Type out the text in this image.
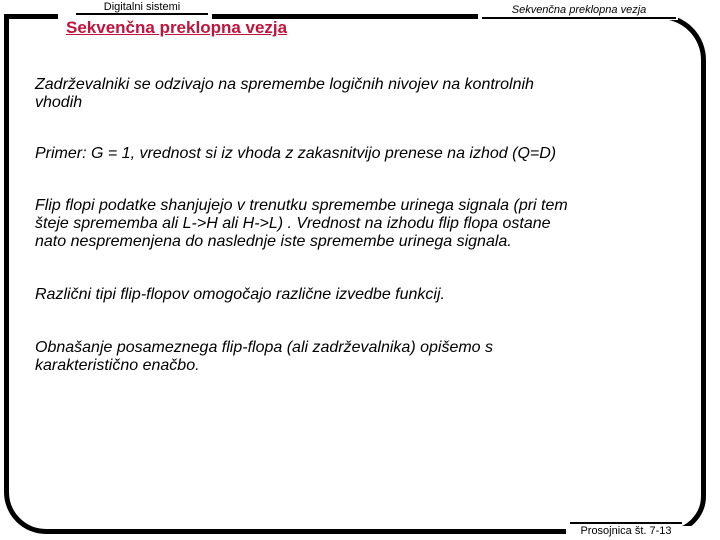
Digitalni sistemi	Sekvenčna preklopna vezja
Sekvenčna preklopna vezja
Zadrževalniki se odzivajo na spremembe logičnih nivojev na kontrolnih
vhodih
Primer: G = 1, vrednost si iz vhoda z zakasnitvijo prenese na izhod (Q=D)
Flip flopi podatke shanjujejo v trenutku spremembe urinega signala (pri tem
šteje sprememba ali L->H ali H->L) . Vrednost na izhodu flip flopa ostane
nato nespremenjena do naslednje iste spremembe urinega signala.
Različni tipi flip-flopov omogočajo različne izvedbe funkcij.
Obnašanje posameznega flip-flopa (ali zadrževalnika) opišemo s
karakteristično enačbo.
Prosojnica št. 7-13
